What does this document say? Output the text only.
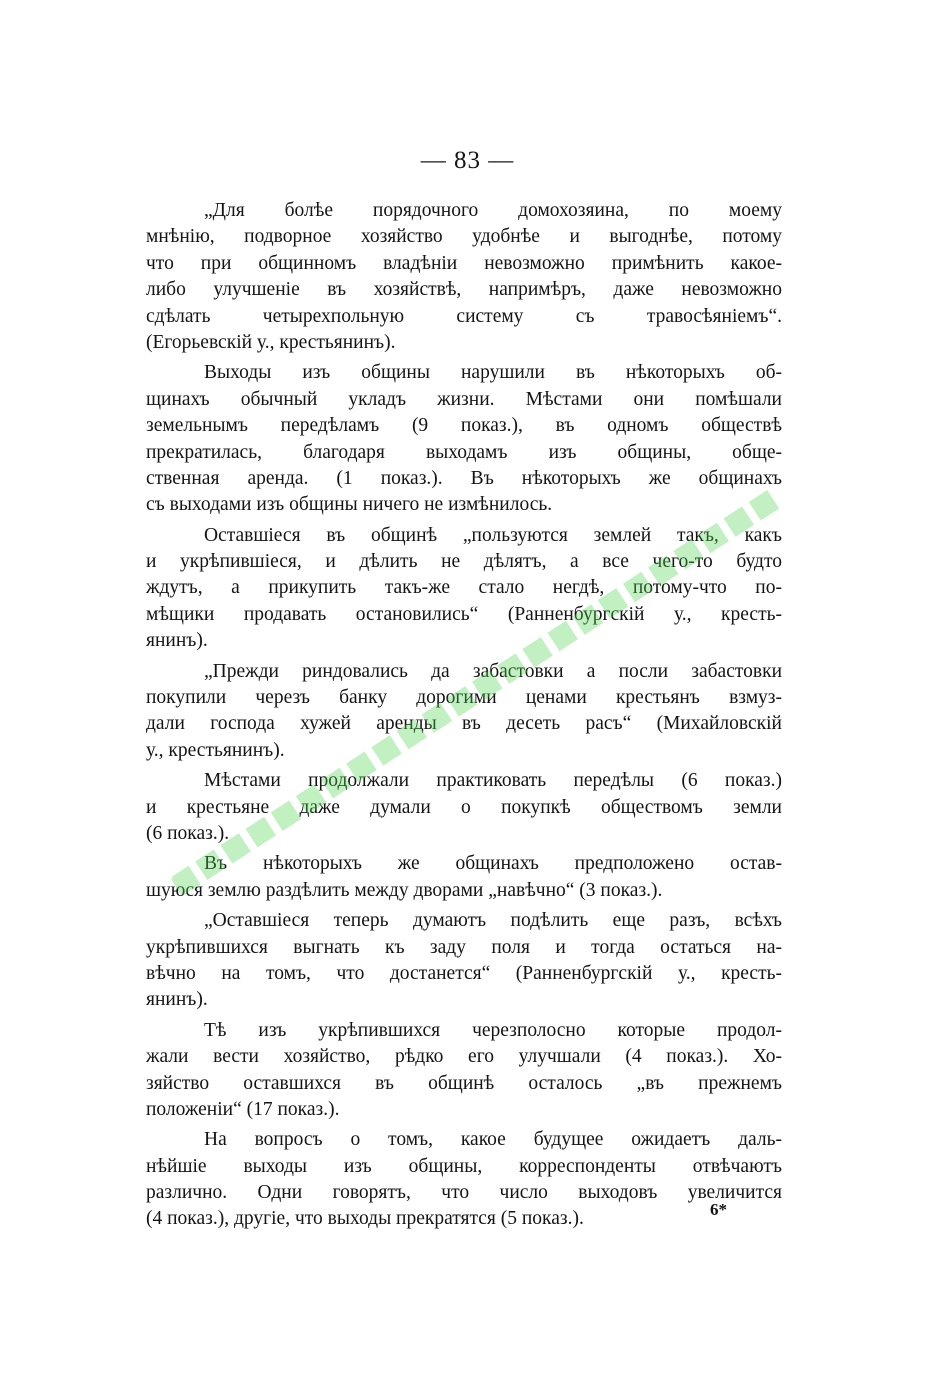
— 83 —
„Для болѣе порядочного домохозяина, по моему
мнѣнію, подворное хозяйство удобнѣе и выгоднѣе, потому
что при общинномъ владѣніи невозможно примѣнить какое-
либо улучшеніе въ хозяйствѣ, напримѣръ, даже невозможно
сдѣлать четырехпольную систему съ травосѣяніемъ“.
(Егорьевскій у., крестьянинъ).
Выходы изъ общины нарушили въ нѣкоторыхъ об-
щинахъ обычный укладъ жизни. Мѣстами они помѣшали
земельнымъ передѣламъ (9 показ.), въ одномъ обществѣ
прекратилась, благодаря выходамъ изъ общины, обще-
ственная аренда. (1 показ.). Въ нѣкоторыхъ же общинахъ
съ выходами изъ общины ничего не измѣнилось.
Оставшіеся въ общинѣ „пользуются землей такъ, какъ
и укрѣпившіеся, и дѣлить не дѣлятъ, а все чего-то будто
ждутъ, а прикупить такъ-же стало негдѣ, потому-что по-
мѣщики продавать остановились“ (Ранненбургскій у., кресть-
янинъ).
„Прежди риндовались да забастовки а посли забастовки
покупили черезъ банку дорогими ценами крестьянъ взмуз-
дали господа хужей аренды въ десеть расъ“ (Михайловскій
у., крестьянинъ).
Мѣстами продолжали практиковать передѣлы (6 показ.)
и крестьяне даже думали о покупкѣ обществомъ земли
(6 показ.).
Въ нѣкоторыхъ же общинахъ предположено остав-
шуюся землю раздѣлить между дворами „навѣчно“ (3 показ.).
„Оставшіеся теперь думаютъ подѣлить еще разъ, всѣхъ
укрѣпившихся выгнать къ заду поля и тогда остаться на-
вѣчно на томъ, что достанется“ (Ранненбургскій у., кресть-
янинъ).
Тѣ изъ укрѣпившихся черезполосно которые продол-
жали вести хозяйство, рѣдко его улучшали (4 показ.). Хо-
зяйство оставшихся въ общинѣ осталось „въ прежнемъ
положеніи“ (17 показ.).
На вопросъ о томъ, какое будущее ожидаетъ даль-
нѣйшіе выходы изъ общины, корреспонденты отвѣчаютъ
различно. Одни говорятъ, что число выходовъ увеличится
(4 показ.), другіе, что выходы прекратятся (5 показ.).	6*
